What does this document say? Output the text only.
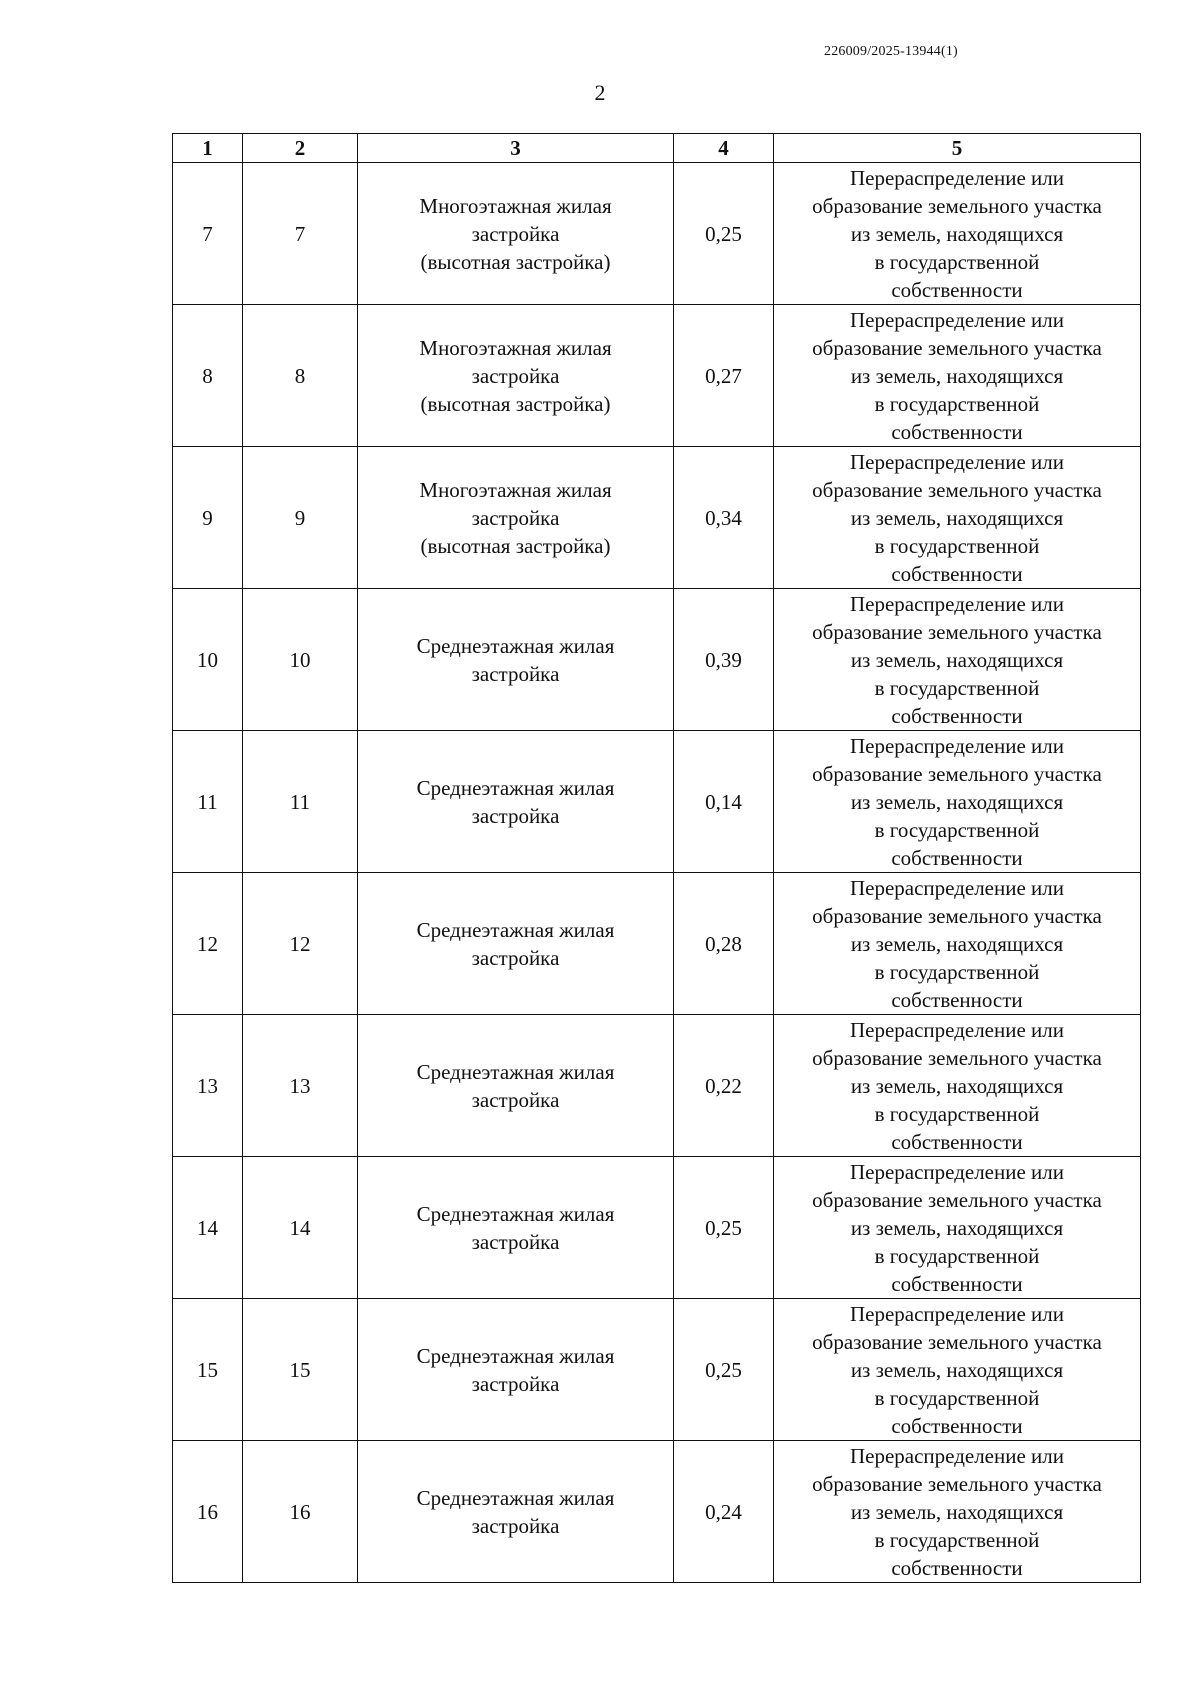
226009/2025-13944(1)
2
1	2	3	4	5
7	7	Многоэтажная жилая
застройка
(высотная застройка)	0,25	Перераспределение или
образование земельного участка
из земель, находящихся
в государственной
собственности
8	8	Многоэтажная жилая
застройка
(высотная застройка)	0,27	Перераспределение или
образование земельного участка
из земель, находящихся
в государственной
собственности
9	9	Многоэтажная жилая
застройка
(высотная застройка)	0,34	Перераспределение или
образование земельного участка
из земель, находящихся
в государственной
собственности
10	10	Среднеэтажная жилая
застройка	0,39	Перераспределение или
образование земельного участка
из земель, находящихся
в государственной
собственности
11	11	Среднеэтажная жилая
застройка	0,14	Перераспределение или
образование земельного участка
из земель, находящихся
в государственной
собственности
12	12	Среднеэтажная жилая
застройка	0,28	Перераспределение или
образование земельного участка
из земель, находящихся
в государственной
собственности
13	13	Среднеэтажная жилая
застройка	0,22	Перераспределение или
образование земельного участка
из земель, находящихся
в государственной
собственности
14	14	Среднеэтажная жилая
застройка	0,25	Перераспределение или
образование земельного участка
из земель, находящихся
в государственной
собственности
15	15	Среднеэтажная жилая
застройка	0,25	Перераспределение или
образование земельного участка
из земель, находящихся
в государственной
собственности
16	16	Среднеэтажная жилая
застройка	0,24	Перераспределение или
образование земельного участка
из земель, находящихся
в государственной
собственности
